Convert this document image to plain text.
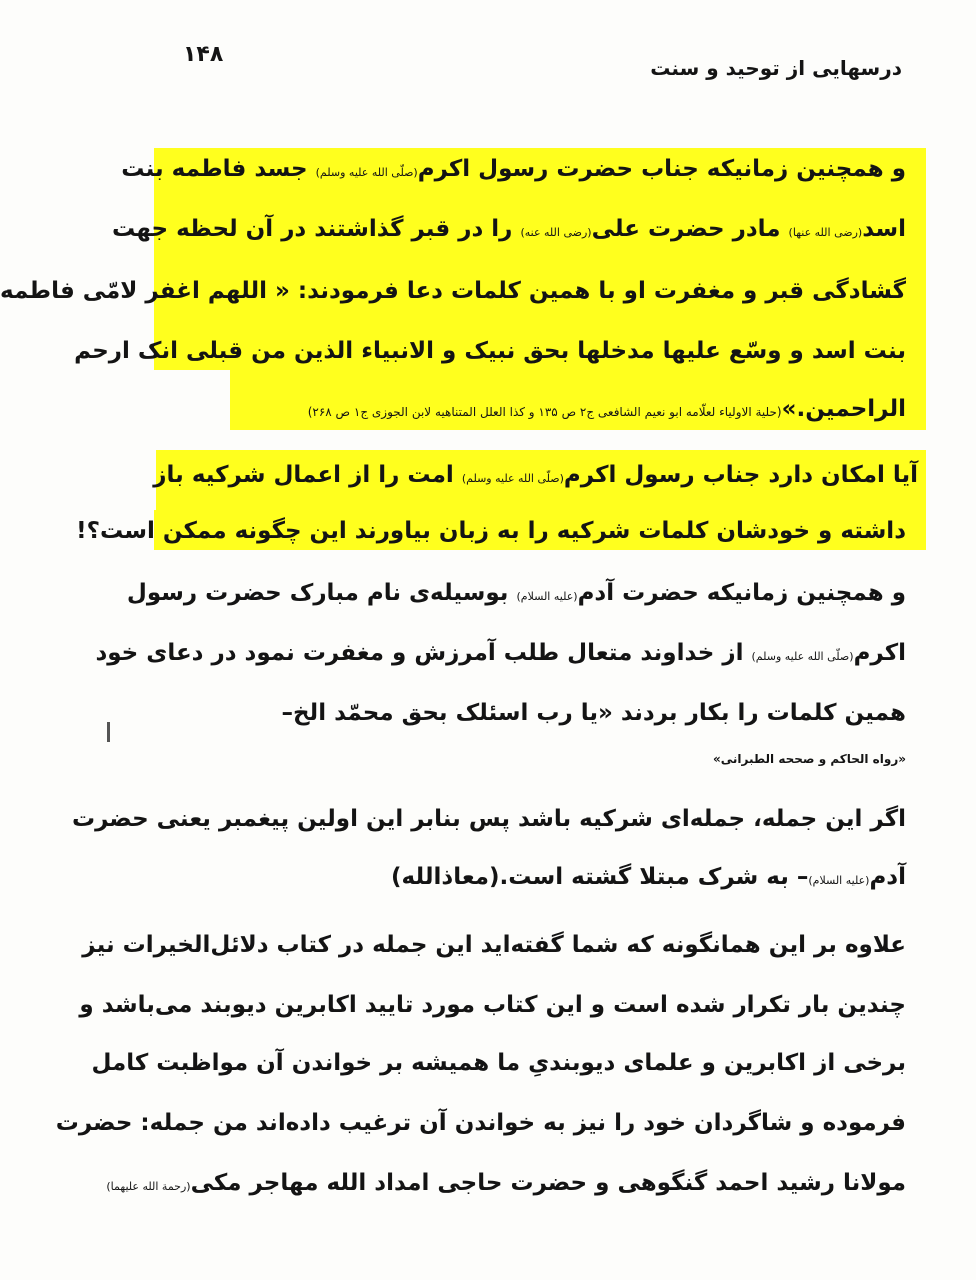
۱۴۸
درسهایی از توحید و سنت
و همچنین زمانیکه جناب حضرت رسول اکرم(صلّی الله علیه وسلم) جسد فاطمه بنت
اسد(رضی الله عنها) مادر حضرت علی(رضی الله عنه) را در قبر گذاشتند در آن لحظه جهت
گشادگی قبر و مغفرت او با همین کلمات دعا فرمودند: « اللهم اغفر لامّی فاطمه
بنت اسد و وسّع علیها مدخلها بحق نبیک و الانبیاء الذین من قبلی انک ارحم
الراحمین.»(حلیة الاولیاء لعلّامه ابو نعیم الشافعی ج۲ ص ۱۳۵ و کذا العلل المتناهیه لابن الجوزی ج۱ ص ۲۶۸)
آیا امکان دارد جناب رسول اکرم(صلّی الله علیه وسلم) امت را از اعمال شرکیه باز
داشته و خودشان کلمات شرکیه را به زبان بیاورند این چگونه ممکن است؟!
و همچنین زمانیکه حضرت آدم(علیه السلام) بوسیله‌ی نام مبارک حضرت رسول
اکرم(صلّی الله علیه وسلم) از خداوند متعال طلب آمرزش و مغفرت نمود در دعای خود
همین کلمات را بکار بردند «یا رب اسئلک بحق محمّد الخ–
«رواه الحاکم و صححه الطبرانی»
اگر این جمله، جمله‌ای شرکیه باشد پس بنابر این اولین پیغمبر یعنی حضرت
آدم(علیه السلام)– به شرک مبتلا گشته است.(معاذالله)
علاوه بر این همانگونه که شما گفته‌اید این جمله در کتاب دلائل‌الخیرات نیز
چندین بار تکرار شده است و این کتاب مورد تایید اکابرین دیوبند می‌باشد و
برخی از اکابرین و علمای دیوبندیِ ما همیشه بر خواندن آن مواظبت کامل
فرموده و شاگردان خود را نیز به خواندن آن ترغیب داده‌اند من جمله: حضرت
مولانا رشید احمد گنگوهی و حضرت حاجی امداد الله مهاجر مکی(رحمة الله علیهما)
